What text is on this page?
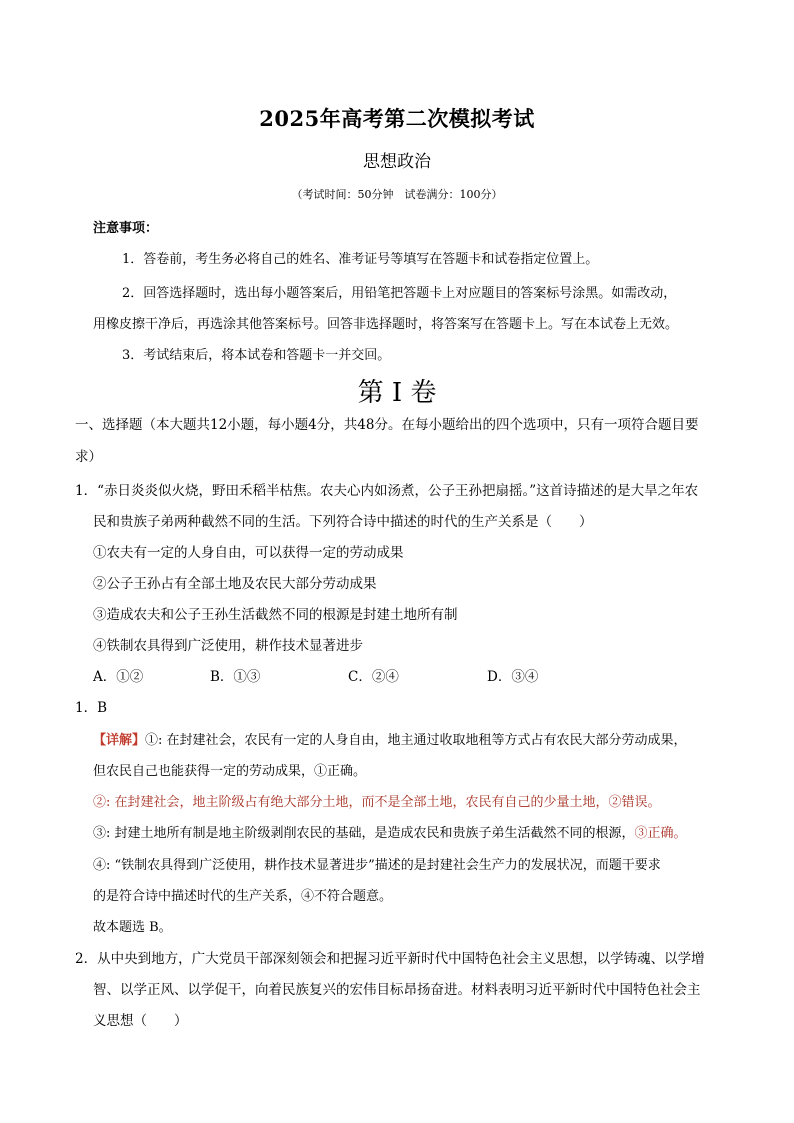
2025年高考第二次模拟考试
思想政治
（考试时间：50分钟　试卷满分：100分）
注意事项：
1．答卷前，考生务必将自己的姓名、准考证号等填写在答题卡和试卷指定位置上。
2．回答选择题时，选出每小题答案后，用铅笔把答题卡上对应题目的答案标号涂黑。如需改动，
用橡皮擦干净后，再选涂其他答案标号。回答非选择题时，将答案写在答题卡上。写在本试卷上无效。
3．考试结束后，将本试卷和答题卡一并交回。
第 I 卷
一、选择题（本大题共12小题，每小题4分，共48分。在每小题给出的四个选项中，只有一项符合题目要
求）
1．“赤日炎炎似火烧，野田禾稻半枯焦。农夫心内如汤煮，公子王孙把扇摇。”这首诗描述的是大旱之年农
民和贵族子弟两种截然不同的生活。下列符合诗中描述的时代的生产关系是（　　）
①农夫有一定的人身自由，可以获得一定的劳动成果
②公子王孙占有全部土地及农民大部分劳动成果
③造成农夫和公子王孙生活截然不同的根源是封建土地所有制
④铁制农具得到广泛使用，耕作技术显著进步
A．①②	B．①③	C．②④	D．③④
1．B
【详解】①: 在封建社会，农民有一定的人身自由，地主通过收取地租等方式占有农民大部分劳动成果，
但农民自己也能获得一定的劳动成果，①正确。
②: 在封建社会，地主阶级占有绝大部分土地，而不是全部土地，农民有自己的少量土地，②错误。
③: 封建土地所有制是地主阶级剥削农民的基础，是造成农民和贵族子弟生活截然不同的根源，③正确。
④: “铁制农具得到广泛使用，耕作技术显著进步”描述的是封建社会生产力的发展状况，而题干要求
的是符合诗中描述时代的生产关系，④不符合题意。
故本题选 B。
2．从中央到地方，广大党员干部深刻领会和把握习近平新时代中国特色社会主义思想，以学铸魂、以学增
智、以学正风、以学促干，向着民族复兴的宏伟目标昂扬奋进。材料表明习近平新时代中国特色社会主
义思想（　　）
